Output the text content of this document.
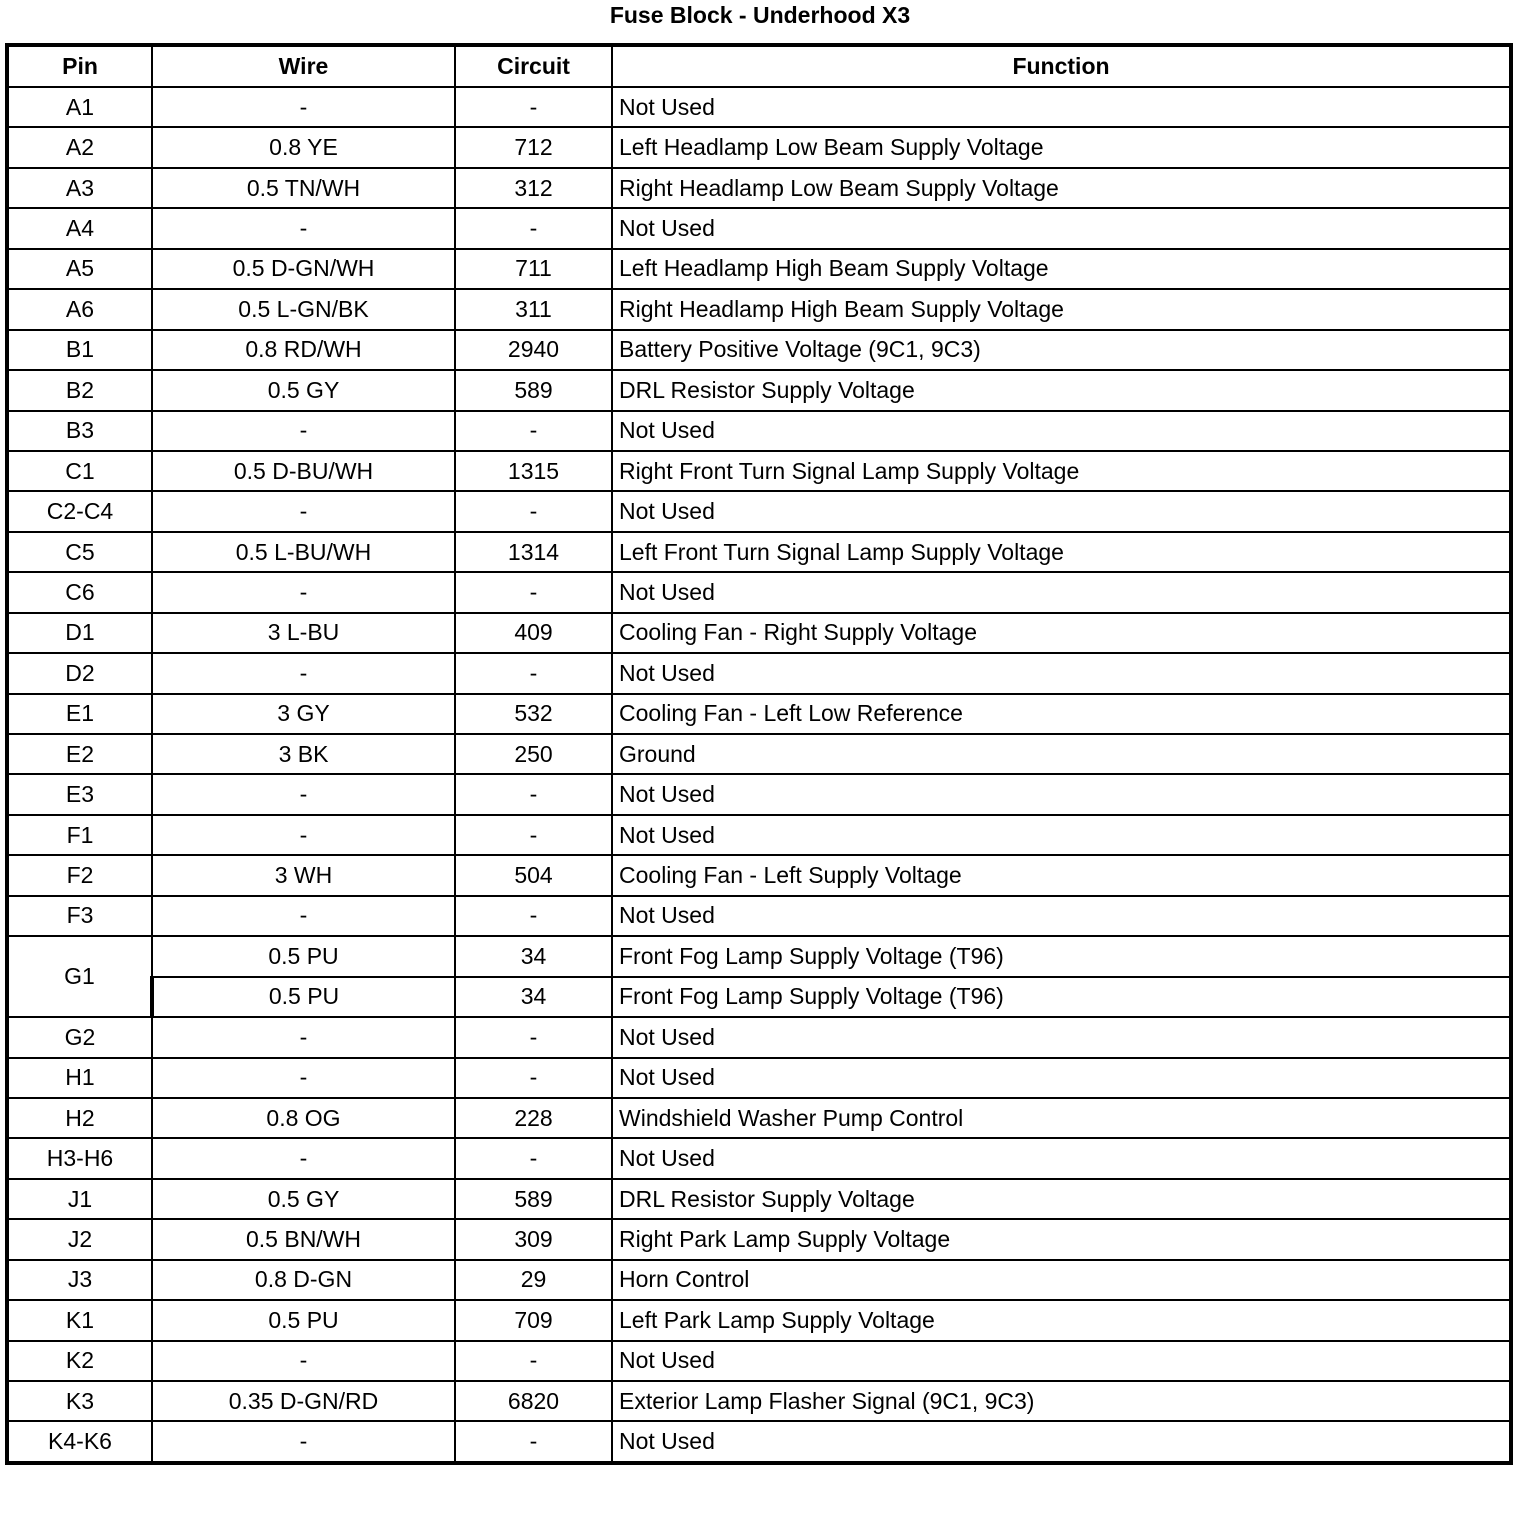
Fuse Block - Underhood X3
Pin	Wire	Circuit	Function
A1	-	-	Not Used
A2	0.8 YE	712	Left Headlamp Low Beam Supply Voltage
A3	0.5 TN/WH	312	Right Headlamp Low Beam Supply Voltage
A4	-	-	Not Used
A5	0.5 D-GN/WH	711	Left Headlamp High Beam Supply Voltage
A6	0.5 L-GN/BK	311	Right Headlamp High Beam Supply Voltage
B1	0.8 RD/WH	2940	Battery Positive Voltage (9C1, 9C3)
B2	0.5 GY	589	DRL Resistor Supply Voltage
B3	-	-	Not Used
C1	0.5 D-BU/WH	1315	Right Front Turn Signal Lamp Supply Voltage
C2-C4	-	-	Not Used
C5	0.5 L-BU/WH	1314	Left Front Turn Signal Lamp Supply Voltage
C6	-	-	Not Used
D1	3 L-BU	409	Cooling Fan - Right Supply Voltage
D2	-	-	Not Used
E1	3 GY	532	Cooling Fan - Left Low Reference
E2	3 BK	250	Ground
E3	-	-	Not Used
F1	-	-	Not Used
F2	3 WH	504	Cooling Fan - Left Supply Voltage
F3	-	-	Not Used
G1	0.5 PU	34	Front Fog Lamp Supply Voltage (T96)
	0.5 PU	34	Front Fog Lamp Supply Voltage (T96)
G2	-	-	Not Used
H1	-	-	Not Used
H2	0.8 OG	228	Windshield Washer Pump Control
H3-H6	-	-	Not Used
J1	0.5 GY	589	DRL Resistor Supply Voltage
J2	0.5 BN/WH	309	Right Park Lamp Supply Voltage
J3	0.8 D-GN	29	Horn Control
K1	0.5 PU	709	Left Park Lamp Supply Voltage
K2	-	-	Not Used
K3	0.35 D-GN/RD	6820	Exterior Lamp Flasher Signal (9C1, 9C3)
K4-K6	-	-	Not Used
